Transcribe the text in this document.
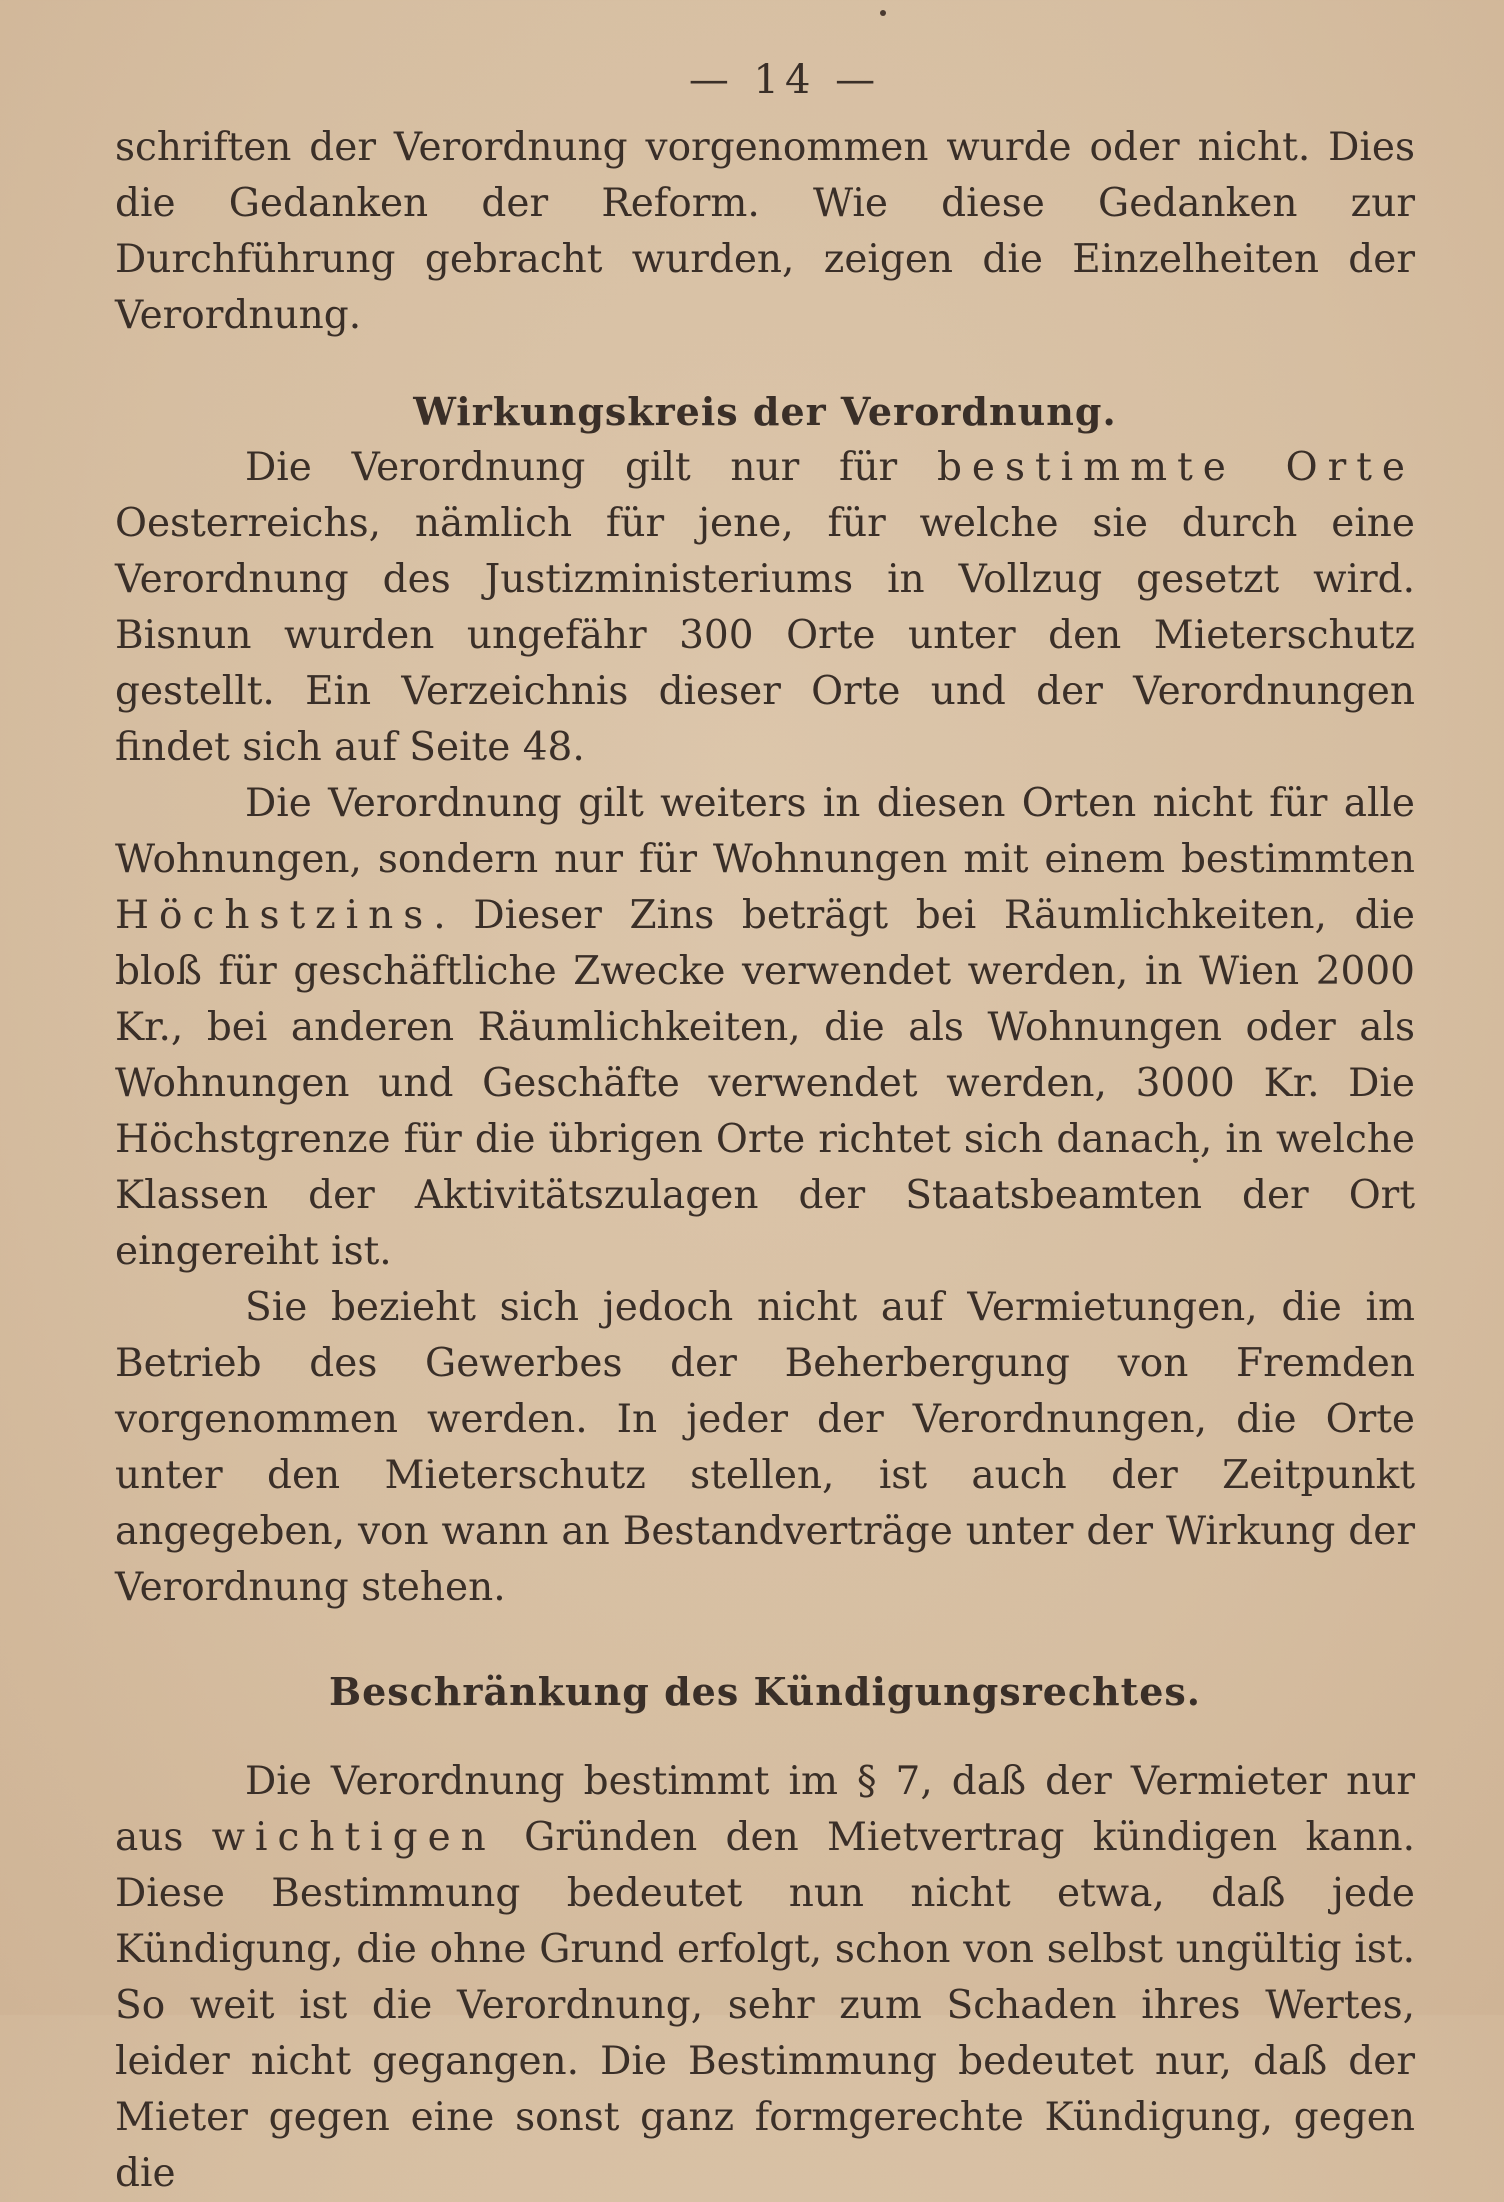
— 14 —

schriften der Verordnung vorgenommen wurde oder nicht. Dies die Gedanken der Reform. Wie diese Gedanken zur Durchführung gebracht wurden, zeigen die Einzelheiten der Verordnung.

Wirkungskreis der Verordnung.

Die Verordnung gilt nur für bestimmte Orte Oesterreichs, nämlich für jene, für welche sie durch eine Verordnung des Justizministeriums in Vollzug gesetzt wird. Bisnun wurden ungefähr 300 Orte unter den Mieterschutz gestellt. Ein Verzeichnis dieser Orte und der Verordnungen findet sich auf Seite 48.

Die Verordnung gilt weiters in diesen Orten nicht für alle Wohnungen, sondern nur für Wohnungen mit einem bestimmten Höchstzins. Dieser Zins beträgt bei Räumlichkeiten, die bloß für geschäftliche Zwecke verwendet werden, in Wien 2000 Kr., bei anderen Räumlichkeiten, die als Wohnungen oder als Wohnungen und Geschäfte verwendet werden, 3000 Kr. Die Höchstgrenze für die übrigen Orte richtet sich danach, in welche Klassen der Aktivitätszulagen der Staatsbeamten der Ort eingereiht ist.

Sie bezieht sich jedoch nicht auf Vermietungen, die im Betrieb des Gewerbes der Beherbergung von Fremden vorgenommen werden. In jeder der Verordnungen, die Orte unter den Mieterschutz stellen, ist auch der Zeitpunkt angegeben, von wann an Bestandverträge unter der Wirkung der Verordnung stehen.

Beschränkung des Kündigungsrechtes.

Die Verordnung bestimmt im § 7, daß der Vermieter nur aus wichtigen Gründen den Mietvertrag kündigen kann. Diese Bestimmung bedeutet nun nicht etwa, daß jede Kündigung, die ohne Grund erfolgt, schon von selbst ungültig ist. So weit ist die Verordnung, sehr zum Schaden ihres Wertes, leider nicht gegangen. Die Bestimmung bedeutet nur, daß der Mieter gegen eine sonst ganz formgerechte Kündigung, gegen die
